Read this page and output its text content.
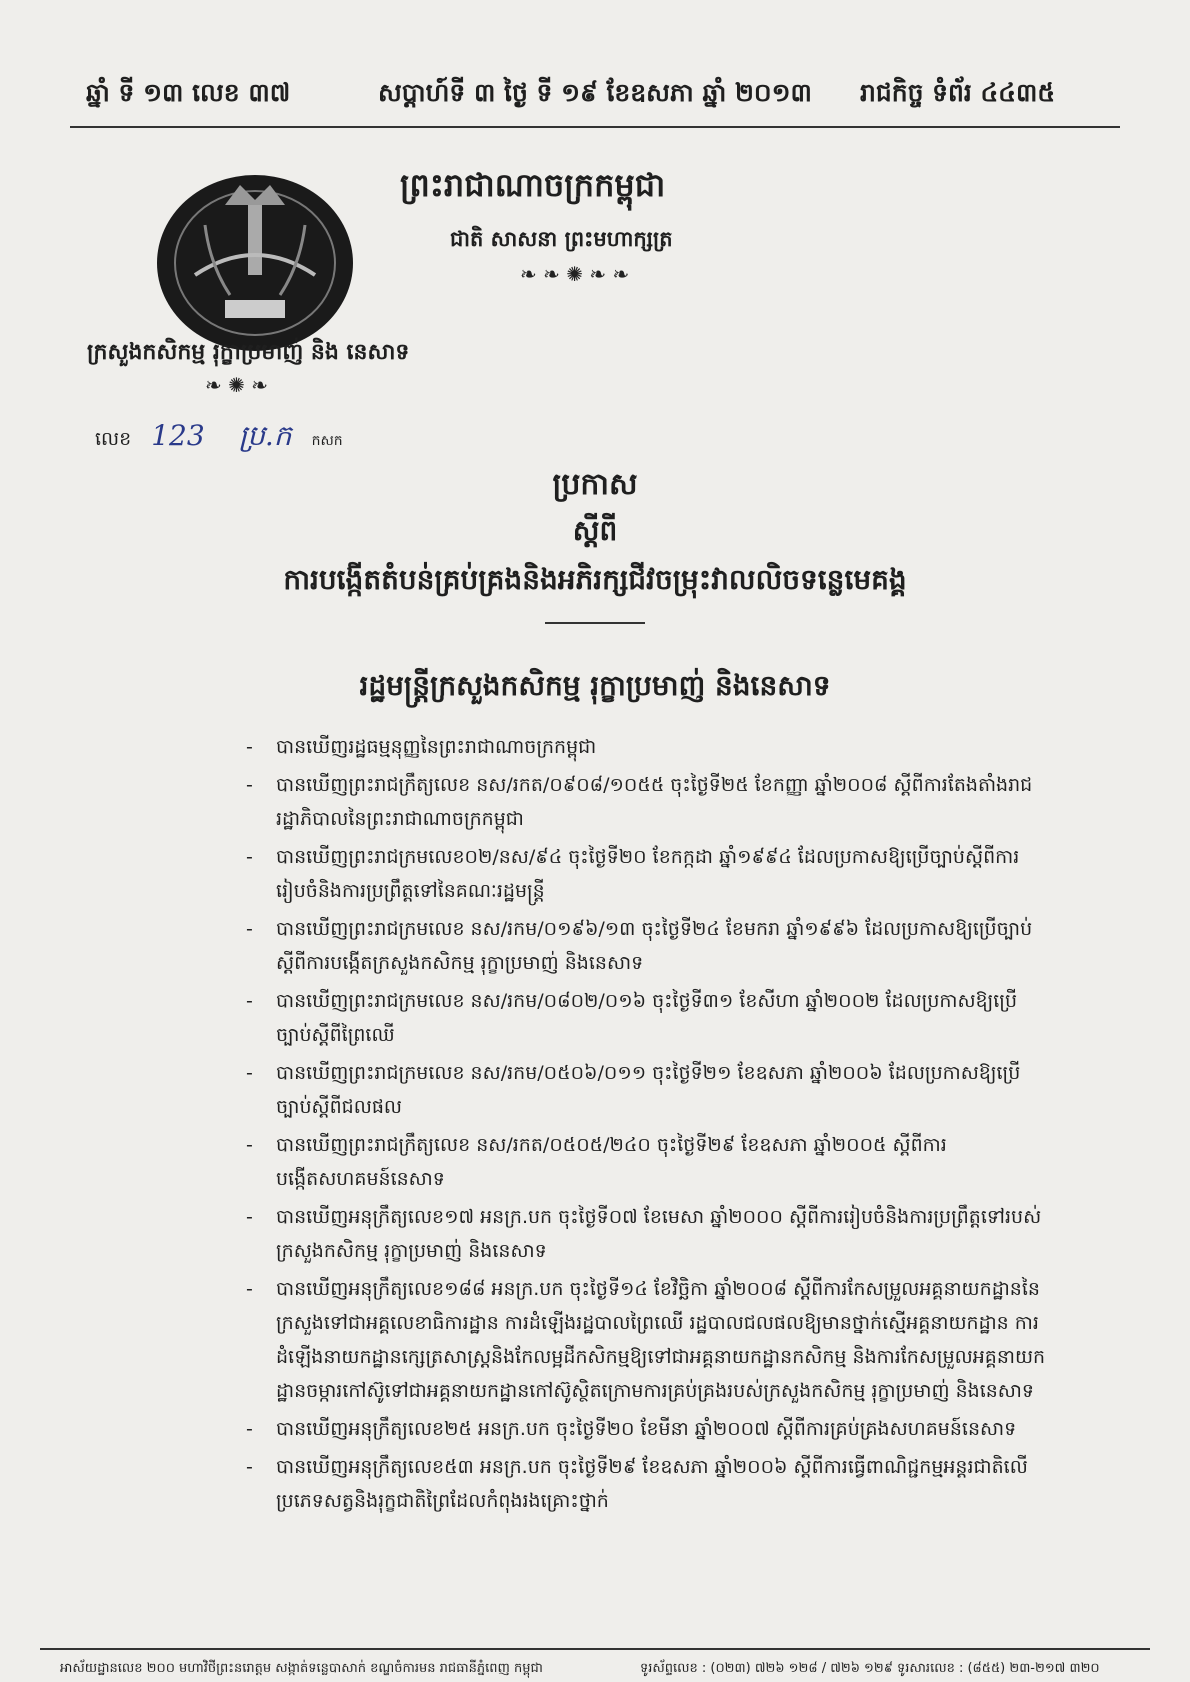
ឆ្នាំ ទី ១៣ លេខ ៣៧	សប្តាហ៍ទី ៣ ថ្ងៃ ទី ១៩ ខែឧសភា ឆ្នាំ ២០១៣ រាជកិច្ច ទំព័រ ៤៤៣៥
ព្រះរាជាណាចក្រកម្ពុជា
ជាតិ សាសនា ព្រះមហាក្សត្រ
❧ ❧ ✺ ❧ ❧
ក្រសួងកសិកម្ម រុក្ខាប្រមាញ់ និង នេសាទ
❧ ✺ ❧
លេខ 123 ប្រ.ក កសក
ប្រកាស
ស្តីពី
ការបង្កើតតំបន់គ្រប់គ្រងនិងអភិរក្សជីវចម្រុះវាលលិចទន្លេមេគង្គ
រដ្ឋមន្ត្រីក្រសួងកសិកម្ម រុក្ខាប្រមាញ់ និងនេសាទ
- បានឃើញរដ្ឋធម្មនុញ្ញនៃព្រះរាជាណាចក្រកម្ពុជា
- បានឃើញព្រះរាជក្រឹត្យលេខ នស/រកត/០៩០៨/១០៥៥ ចុះថ្ងៃទី២៥ ខែកញ្ញា ឆ្នាំ២០០៨ ស្តីពីការតែងតាំងរាជរដ្ឋាភិបាលនៃព្រះរាជាណាចក្រកម្ពុជា
- បានឃើញព្រះរាជក្រមលេខ០២/នស/៩៤ ចុះថ្ងៃទី២០ ខែកក្កដា ឆ្នាំ១៩៩៤ ដែលប្រកាសឱ្យប្រើច្បាប់ស្តីពីការរៀបចំនិងការប្រព្រឹត្តទៅនៃគណៈរដ្ឋមន្ត្រី
- បានឃើញព្រះរាជក្រមលេខ នស/រកម/០១៩៦/១៣ ចុះថ្ងៃទី២៤ ខែមករា ឆ្នាំ១៩៩៦ ដែលប្រកាសឱ្យប្រើច្បាប់ស្តីពីការបង្កើតក្រសួងកសិកម្ម រុក្ខាប្រមាញ់ និងនេសាទ
- បានឃើញព្រះរាជក្រមលេខ នស/រកម/០៨០២/០១៦ ចុះថ្ងៃទី៣១ ខែសីហា ឆ្នាំ២០០២ ដែលប្រកាសឱ្យប្រើច្បាប់ស្តីពីព្រៃឈើ
- បានឃើញព្រះរាជក្រមលេខ នស/រកម/០៥០៦/០១១ ចុះថ្ងៃទី២១ ខែឧសភា ឆ្នាំ២០០៦ ដែលប្រកាសឱ្យប្រើច្បាប់ស្តីពីជលផល
- បានឃើញព្រះរាជក្រឹត្យលេខ នស/រកត/០៥០៥/២៤០ ចុះថ្ងៃទី២៩ ខែឧសភា ឆ្នាំ២០០៥ ស្តីពីការបង្កើតសហគមន៍នេសាទ
- បានឃើញអនុក្រឹត្យលេខ១៧ អនក្រ.បក ចុះថ្ងៃទី០៧ ខែមេសា ឆ្នាំ២០០០ ស្តីពីការរៀបចំនិងការប្រព្រឹត្តទៅរបស់ក្រសួងកសិកម្ម រុក្ខាប្រមាញ់ និងនេសាទ
- បានឃើញអនុក្រឹត្យលេខ១៨៨ អនក្រ.បក ចុះថ្ងៃទី១៤ ខែវិច្ឆិកា ឆ្នាំ២០០៨ ស្តីពីការកែសម្រួលអគ្គនាយកដ្ឋាននៃក្រសួងទៅជាអគ្គលេខាធិការដ្ឋាន ការដំឡើងរដ្ឋបាលព្រៃឈើ រដ្ឋបាលជលផលឱ្យមានថ្នាក់ស្មើអគ្គនាយកដ្ឋាន ការដំឡើងនាយកដ្ឋានក្សេត្រសាស្ត្រនិងកែលម្អដីកសិកម្មឱ្យទៅជាអគ្គនាយកដ្ឋានកសិកម្ម និងការកែសម្រួលអគ្គនាយកដ្ឋានចម្ការកៅស៊ូទៅជាអគ្គនាយកដ្ឋានកៅស៊ូស្ថិតក្រោមការគ្រប់គ្រងរបស់ក្រសួងកសិកម្ម រុក្ខាប្រមាញ់ និងនេសាទ
- បានឃើញអនុក្រឹត្យលេខ២៥ អនក្រ.បក ចុះថ្ងៃទី២០ ខែមីនា ឆ្នាំ២០០៧ ស្តីពីការគ្រប់គ្រងសហគមន៍នេសាទ
- បានឃើញអនុក្រឹត្យលេខ៥៣ អនក្រ.បក ចុះថ្ងៃទី២៩ ខែឧសភា ឆ្នាំ២០០៦ ស្តីពីការធ្វើពាណិជ្ជកម្មអន្តរជាតិលើប្រភេទសត្វនិងរុក្ខជាតិព្រៃដែលកំពុងរងគ្រោះថ្នាក់
អាស័យដ្ឋានលេខ ២០០ មហាវិថីព្រះនរោត្តម សង្កាត់ទន្លេបាសាក់ ខណ្ឌចំការមន រាជធានីភ្នំពេញ កម្ពុជា	ទូរស័ព្ទលេខ : (០២៣) ៧២៦ ១២៨ / ៧២៦ ១២៩ ទូរសារលេខ : (៨៥៥) ២៣-២១៧ ៣២០
